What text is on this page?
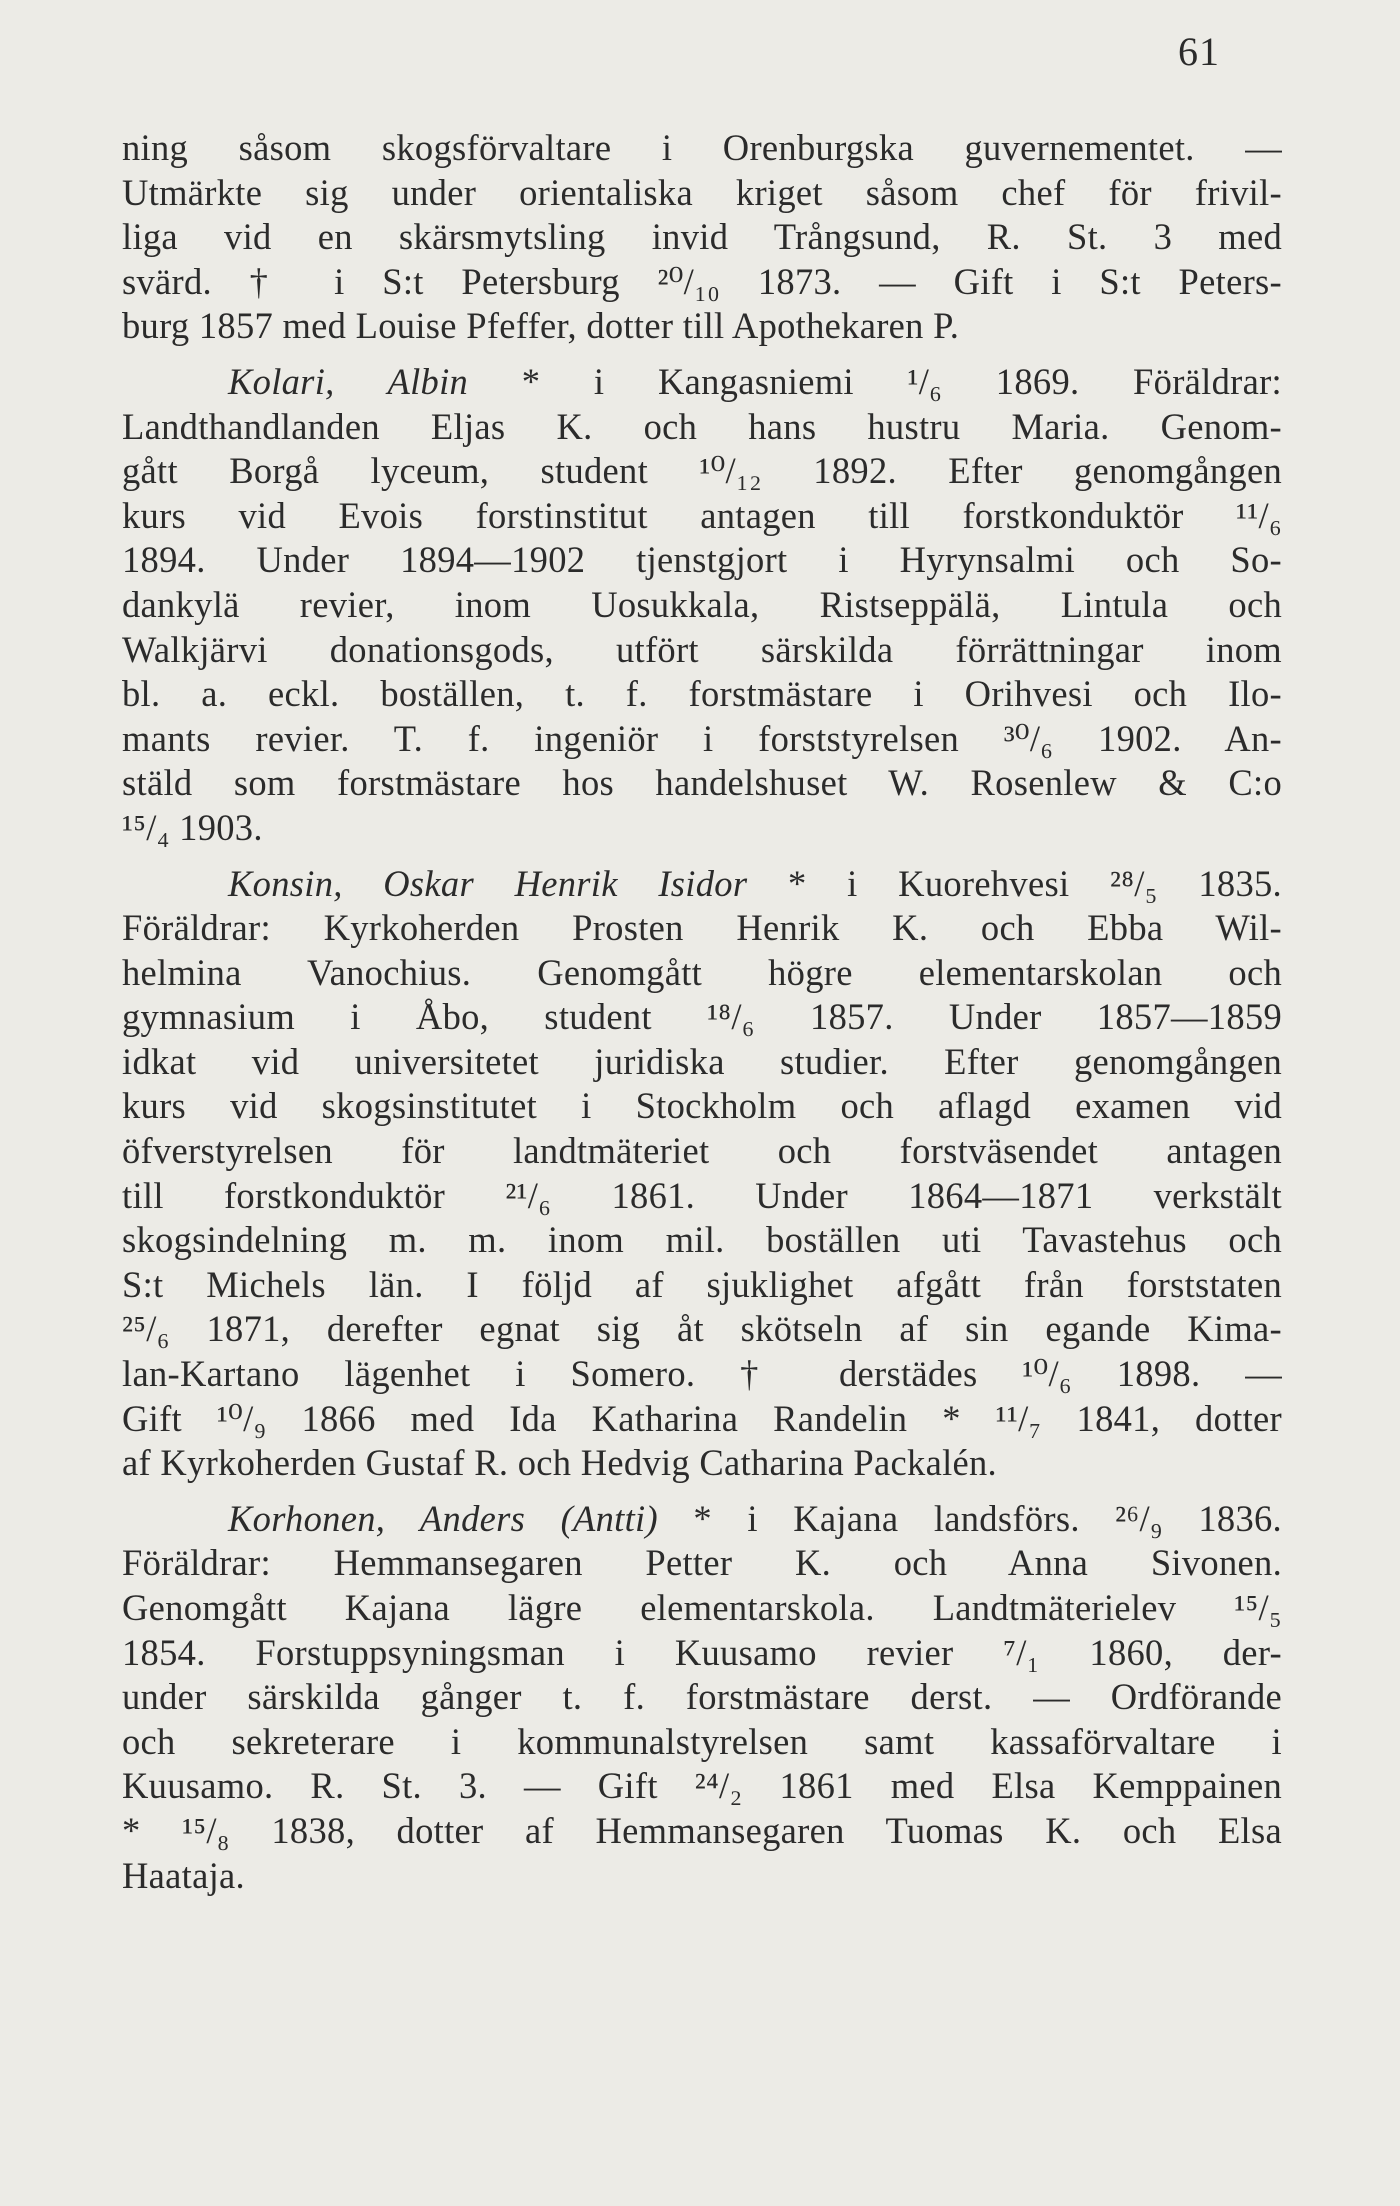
61
ning såsom skogsförvaltare i Orenburgska guvernementet. —
Utmärkte sig under orientaliska kriget såsom chef för frivil-
liga vid en skärsmytsling invid Trångsund, R. St. 3 med
svärd. † i S:t Petersburg ²⁰/₁₀ 1873. — Gift i S:t Peters-
burg 1857 med Louise Pfeffer, dotter till Apothekaren P.
Kolari, Albin * i Kangasniemi ¹/₆ 1869. Föräldrar:
Landthandlanden Eljas K. och hans hustru Maria. Genom-
gått Borgå lyceum, student ¹⁰/₁₂ 1892. Efter genomgången
kurs vid Evois forstinstitut antagen till forstkonduktör ¹¹/₆
1894. Under 1894—1902 tjenstgjort i Hyrynsalmi och So-
dankylä revier, inom Uosukkala, Ristseppälä, Lintula och
Walkjärvi donationsgods, utfört särskilda förrättningar inom
bl. a. eckl. boställen, t. f. forstmästare i Orihvesi och Ilo-
mants revier. T. f. ingeniör i forststyrelsen ³⁰/₆ 1902. An-
stäld som forstmästare hos handelshuset W. Rosenlew & C:o
¹⁵/₄ 1903.
Konsin, Oskar Henrik Isidor * i Kuorehvesi ²⁸/₅ 1835.
Föräldrar: Kyrkoherden Prosten Henrik K. och Ebba Wil-
helmina Vanochius. Genomgått högre elementarskolan och
gymnasium i Åbo, student ¹⁸/₆ 1857. Under 1857—1859
idkat vid universitetet juridiska studier. Efter genomgången
kurs vid skogsinstitutet i Stockholm och aflagd examen vid
öfverstyrelsen för landtmäteriet och forstväsendet antagen
till forstkonduktör ²¹/₆ 1861. Under 1864—1871 verkstält
skogsindelning m. m. inom mil. boställen uti Tavastehus och
S:t Michels län. I följd af sjuklighet afgått från forststaten
²⁵/₆ 1871, derefter egnat sig åt skötseln af sin egande Kima-
lan-Kartano lägenhet i Somero. † derstädes ¹⁰/₆ 1898. —
Gift ¹⁰/₉ 1866 med Ida Katharina Randelin * ¹¹/₇ 1841, dotter
af Kyrkoherden Gustaf R. och Hedvig Catharina Packalén.
Korhonen, Anders (Antti) * i Kajana landsförs. ²⁶/₉ 1836.
Föräldrar: Hemmansegaren Petter K. och Anna Sivonen.
Genomgått Kajana lägre elementarskola. Landtmäterielev ¹⁵/₅
1854. Forstuppsyningsman i Kuusamo revier ⁷/₁ 1860, der-
under särskilda gånger t. f. forstmästare derst. — Ordförande
och sekreterare i kommunalstyrelsen samt kassaförvaltare i
Kuusamo. R. St. 3. — Gift ²⁴/₂ 1861 med Elsa Kemppainen
* ¹⁵/₈ 1838, dotter af Hemmansegaren Tuomas K. och Elsa
Haataja.
